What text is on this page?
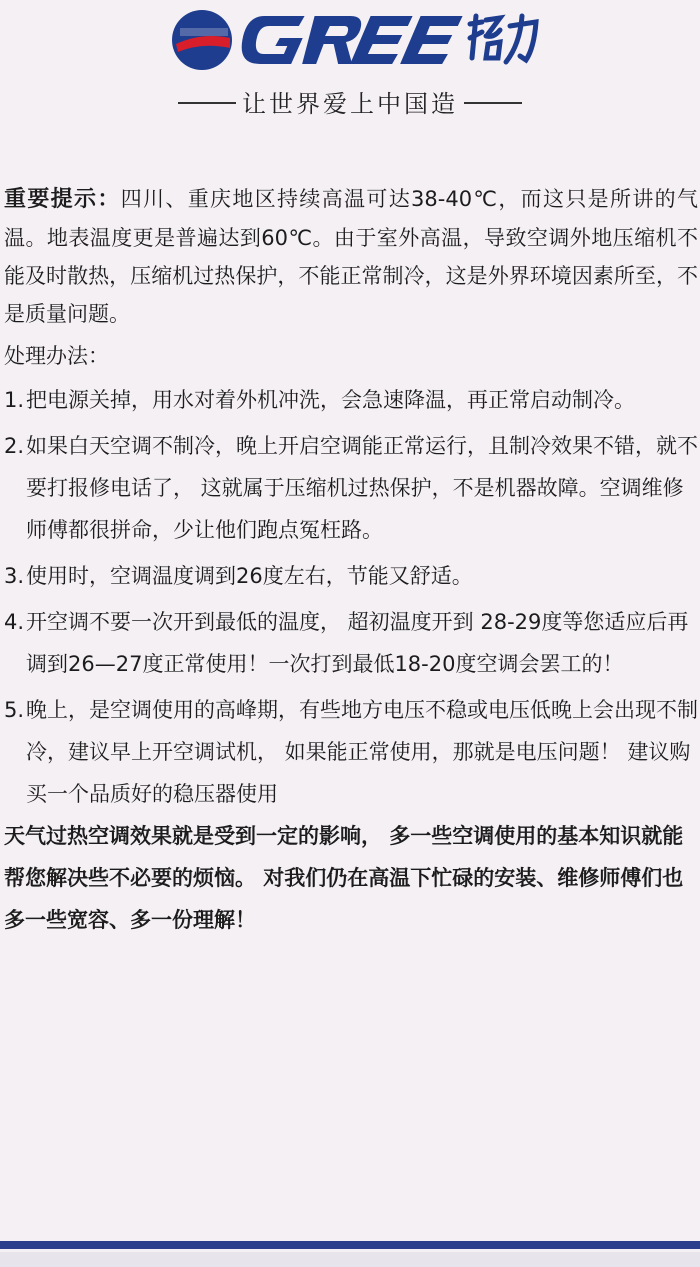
让世界爱上中国造
重要提示：四川、重庆地区持续高温可达38-40℃，而这只是所讲的气温。地表温度更是普遍达到60℃。由于室外高温，导致空调外地压缩机不能及时散热，压缩机过热保护，不能正常制冷，这是外界环境因素所至，不是质量问题。
处理办法：
1.把电源关掉，用水对着外机冲洗，会急速降温，再正常启动制冷。
2.如果白天空调不制冷，晚上开启空调能正常运行，且制冷效果不错，就不要打报修电话了， 这就属于压缩机过热保护，不是机器故障。空调维修师傅都很拼命，少让他们跑点冤枉路。
3.使用时，空调温度调到26度左右，节能又舒适。
4.开空调不要一次开到最低的温度， 超初温度开到 28-29度等您适应后再调到26—27度正常使用！一次打到最低18-20度空调会罢工的！
5.晚上，是空调使用的高峰期，有些地方电压不稳或电压低晚上会出现不制冷，建议早上开空调试机， 如果能正常使用，那就是电压问题！ 建议购买一个品质好的稳压器使用
天气过热空调效果就是受到一定的影响， 多一些空调使用的基本知识就能帮您解决些不必要的烦恼。 对我们仍在高温下忙碌的安装、维修师傅们也多一些宽容、多一份理解！
